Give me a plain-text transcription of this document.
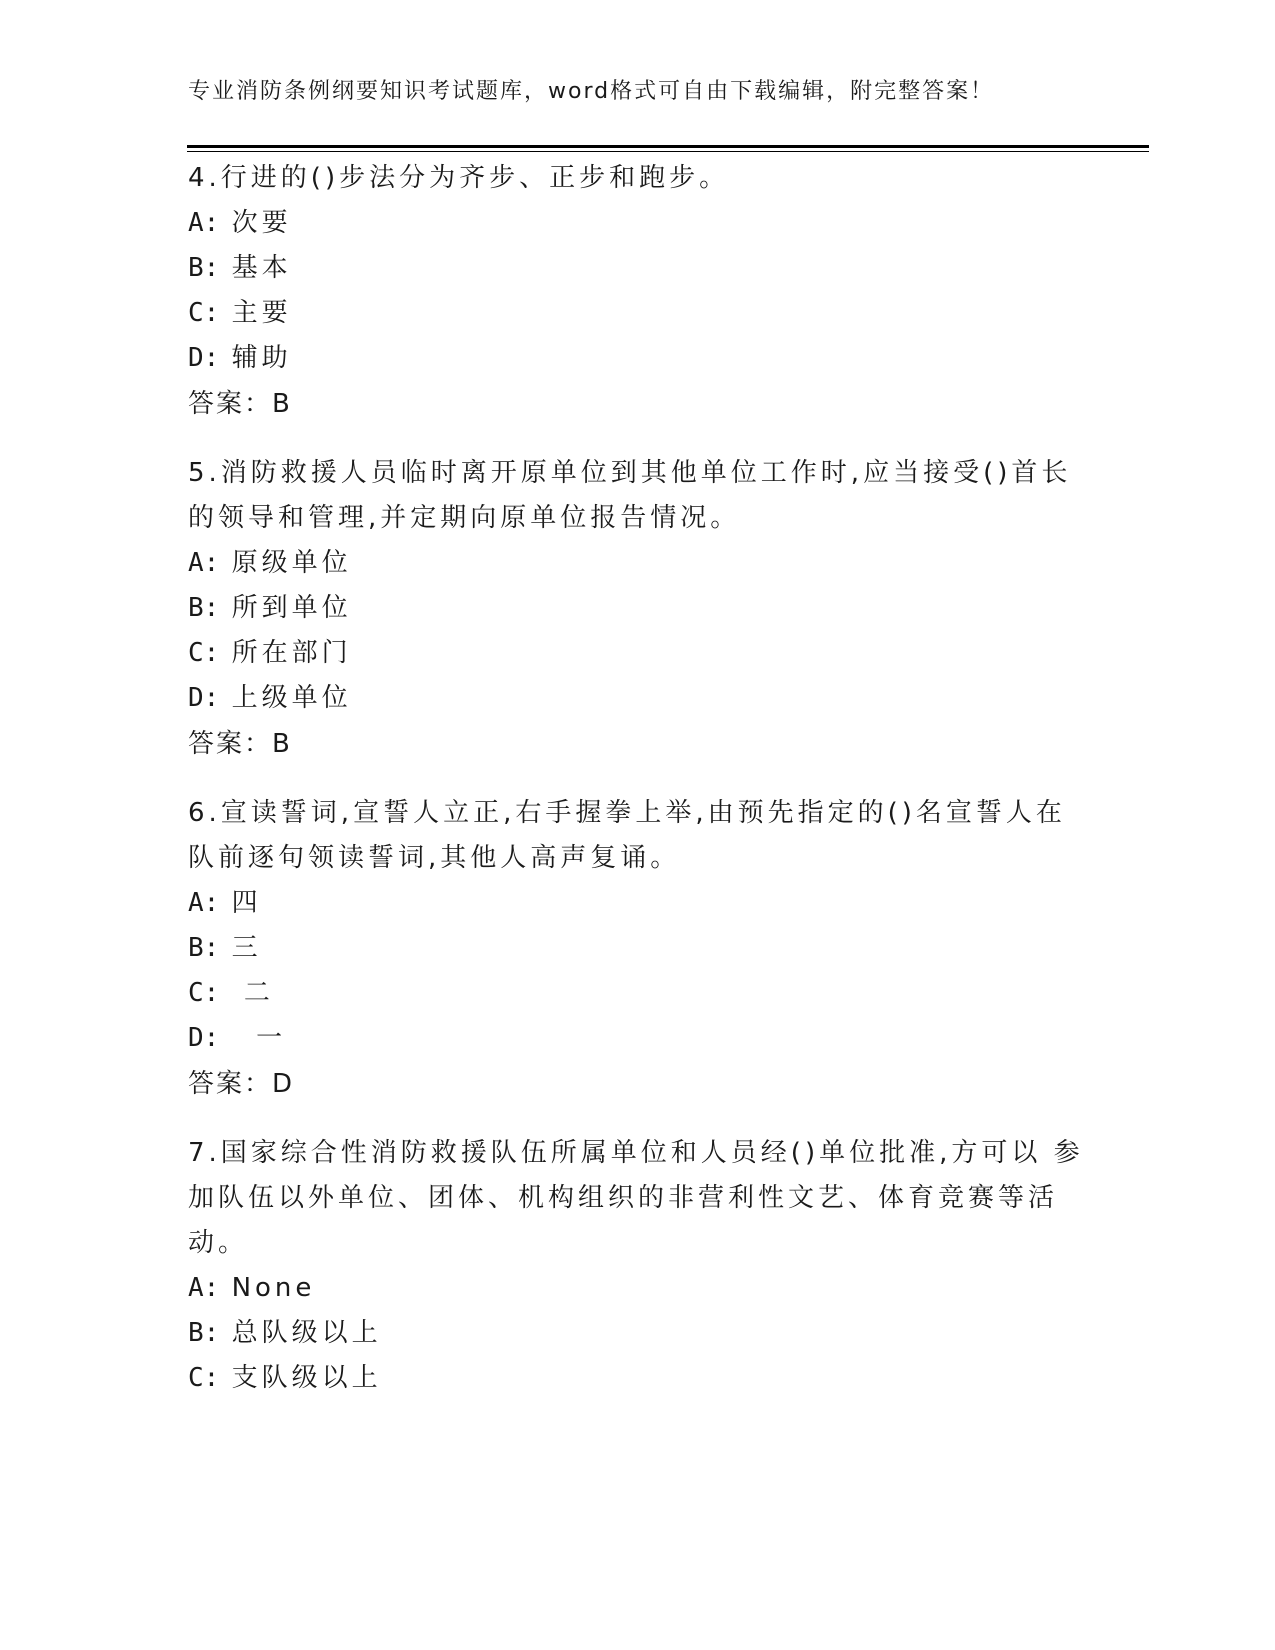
专业消防条例纲要知识考试题库，word格式可自由下载编辑，附完整答案！

4.行进的()步法分为齐步、正步和跑步。

A: 次要

B: 基本

C: 主要

D: 辅助

答案：B

5.消防救援人员临时离开原单位到其他单位工作时,应当接受()首长的领导和管理,并定期向原单位报告情况。

A: 原级单位

B: 所到单位

C: 所在部门

D: 上级单位

答案：B

6.宣读誓词,宣誓人立正,右手握拳上举,由预先指定的()名宣誓人在队前逐句领读誓词,其他人高声复诵。

A: 四

B: 三

C:  二

D:   一

答案：D

7.国家综合性消防救援队伍所属单位和人员经()单位批准,方可以 参加队伍以外单位、团体、机构组织的非营利性文艺、体育竞赛等活动。

A: None

B: 总队级以上

C: 支队级以上
